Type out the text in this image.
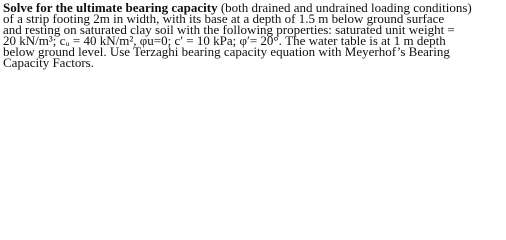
Solve for the ultimate bearing capacity (both drained and undrained loading conditions)
of a strip footing 2m in width, with its base at a depth of 1.5 m below ground surface
and resting on saturated clay soil with the following properties: saturated unit weight =
20 kN/m³; cᵤ = 40 kN/m², φu=0; c′ = 10 kPa; φ′= 20°. The water table is at 1 m depth
below ground level. Use Terzaghi bearing capacity equation with Meyerhof’s Bearing
Capacity Factors.
